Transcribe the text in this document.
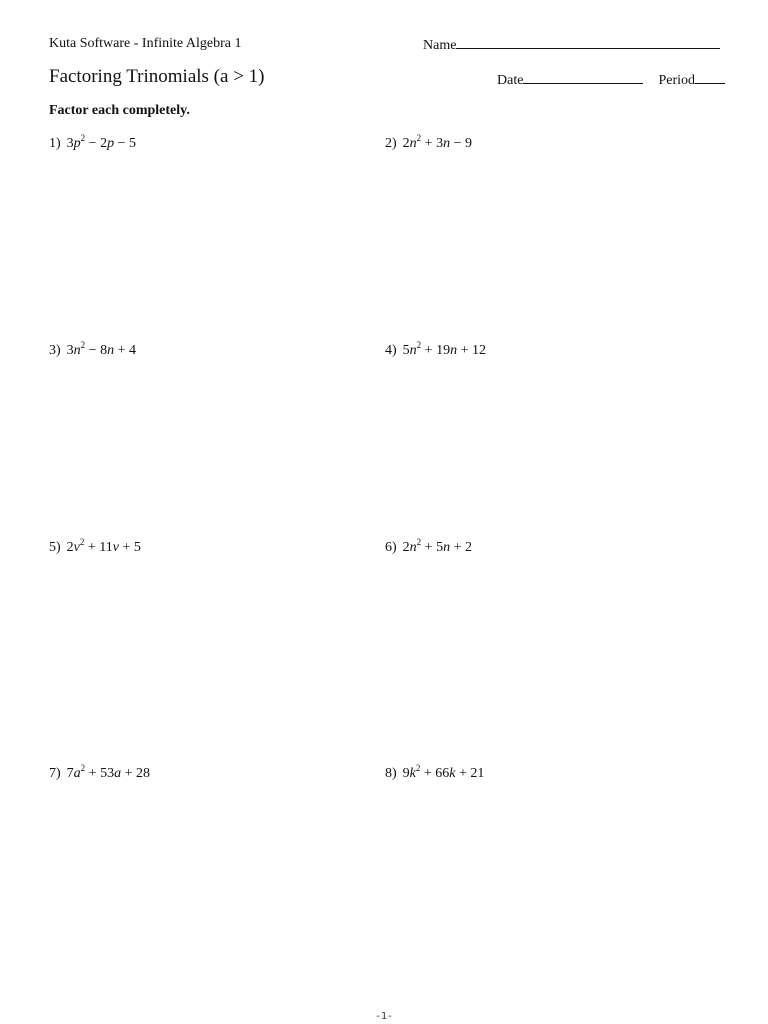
Kuta Software - Infinite Algebra 1	Name
Factoring Trinomials (a > 1)	Date	Period
Factor each completely.
1) $3p^2 - 2p - 5$	2) $2n^2 + 3n - 9$
3) $3n^2 - 8n + 4$	4) $5n^2 + 19n + 12$
5) $2v^2 + 11v + 5$	6) $2n^2 + 5n + 2$
7) $7a^2 + 53a + 28$	8) $9k^2 + 66k + 21$
-1-
